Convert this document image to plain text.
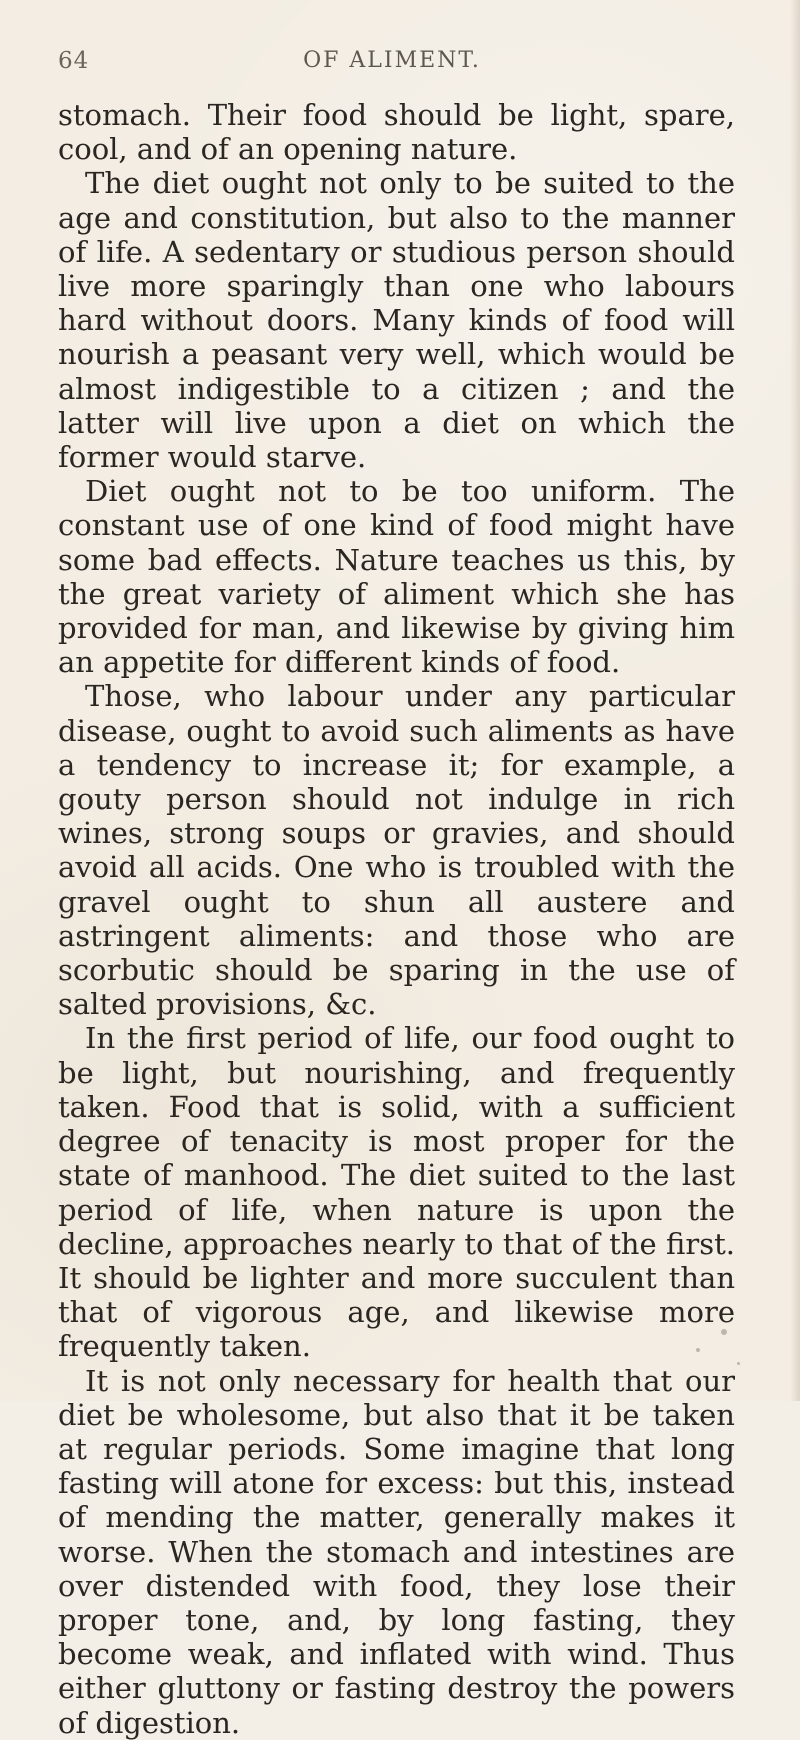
64	OF ALIMENT.

stomach. Their food should be light, spare, cool, and of an opening nature.

The diet ought not only to be suited to the age and constitution, but also to the manner of life. A sedentary or studious person should live more sparingly than one who labours hard without doors. Many kinds of food will nourish a peasant very well, which would be almost indigestible to a citizen ; and the latter will live upon a diet on which the former would starve.

Diet ought not to be too uniform. The constant use of one kind of food might have some bad effects. Nature teaches us this, by the great variety of aliment which she has provided for man, and likewise by giving him an appetite for different kinds of food.

Those, who labour under any particular disease, ought to avoid such aliments as have a tendency to increase it; for example, a gouty person should not indulge in rich wines, strong soups or gravies, and should avoid all acids. One who is troubled with the gravel ought to shun all austere and astringent aliments: and those who are scorbutic should be sparing in the use of salted provisions, &c.

In the first period of life, our food ought to be light, but nourishing, and frequently taken. Food that is solid, with a sufficient degree of tenacity is most proper for the state of manhood. The diet suited to the last period of life, when nature is upon the decline, approaches nearly to that of the first. It should be lighter and more succulent than that of vigorous age, and likewise more frequently taken.

It is not only necessary for health that our diet be wholesome, but also that it be taken at regular periods. Some imagine that long fasting will atone for excess: but this, instead of mending the matter, generally makes it worse. When the stomach and intestines are over distended with food, they lose their proper tone, and, by long fasting, they become weak, and inflated with wind. Thus either gluttony or fasting destroy the powers of digestion.
